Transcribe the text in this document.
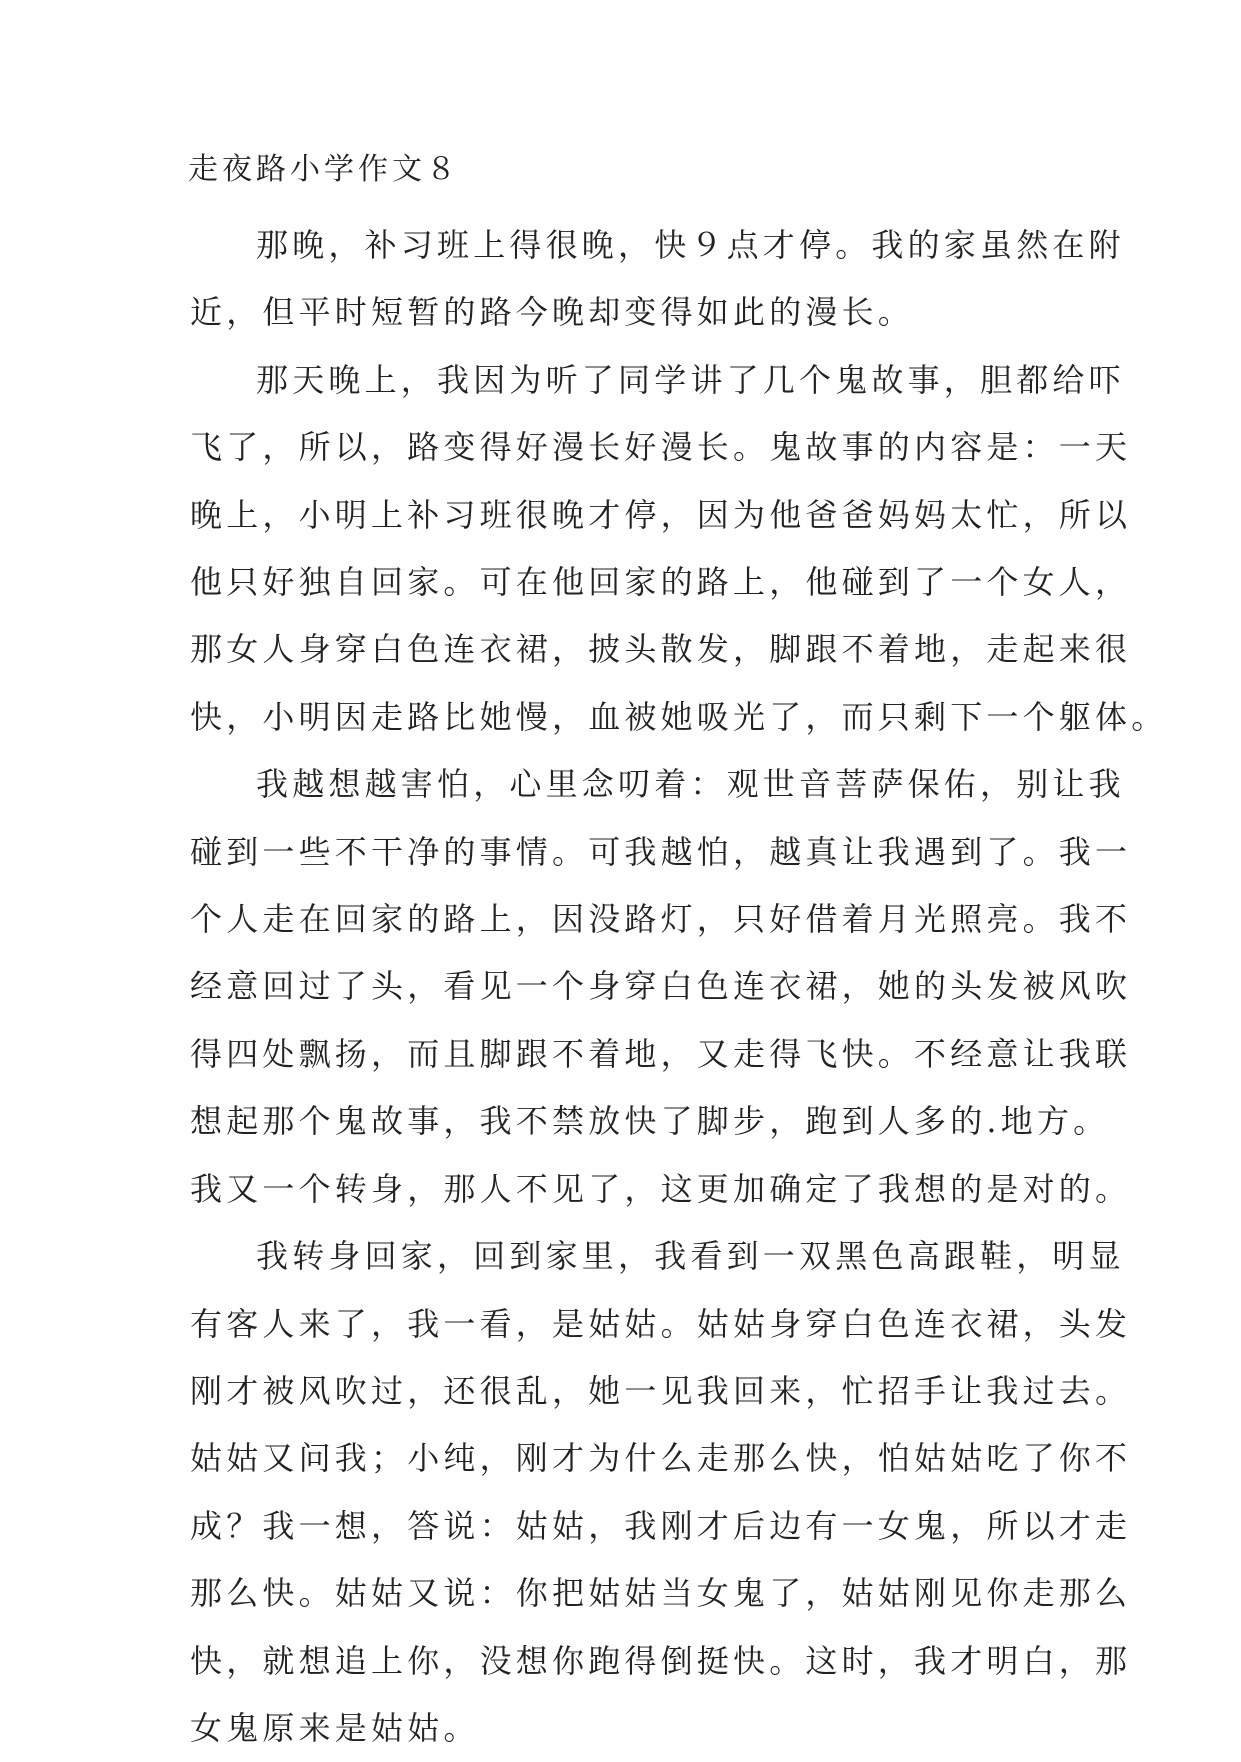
走夜路小学作文８

那晚，补习班上得很晚，快９点才停。我的家虽然在附
近，但平时短暂的路今晚却变得如此的漫长。

那天晚上，我因为听了同学讲了几个鬼故事，胆都给吓
飞了，所以，路变得好漫长好漫长。鬼故事的内容是：一天
晚上，小明上补习班很晚才停，因为他爸爸妈妈太忙，所以
他只好独自回家。可在他回家的路上，他碰到了一个女人，
那女人身穿白色连衣裙，披头散发，脚跟不着地，走起来很
快，小明因走路比她慢，血被她吸光了，而只剩下一个躯体。

我越想越害怕，心里念叨着：观世音菩萨保佑，别让我
碰到一些不干净的事情。可我越怕，越真让我遇到了。我一
个人走在回家的路上，因没路灯，只好借着月光照亮。我不
经意回过了头，看见一个身穿白色连衣裙，她的头发被风吹
得四处飘扬，而且脚跟不着地，又走得飞快。不经意让我联
想起那个鬼故事，我不禁放快了脚步，跑到人多的.地方。
我又一个转身，那人不见了，这更加确定了我想的是对的。

我转身回家，回到家里，我看到一双黑色高跟鞋，明显
有客人来了，我一看，是姑姑。姑姑身穿白色连衣裙，头发
刚才被风吹过，还很乱，她一见我回来，忙招手让我过去。
姑姑又问我；小纯，刚才为什么走那么快，怕姑姑吃了你不
成？我一想，答说：姑姑，我刚才后边有一女鬼，所以才走
那么快。姑姑又说：你把姑姑当女鬼了，姑姑刚见你走那么
快，就想追上你，没想你跑得倒挺快。这时，我才明白，那
女鬼原来是姑姑。
